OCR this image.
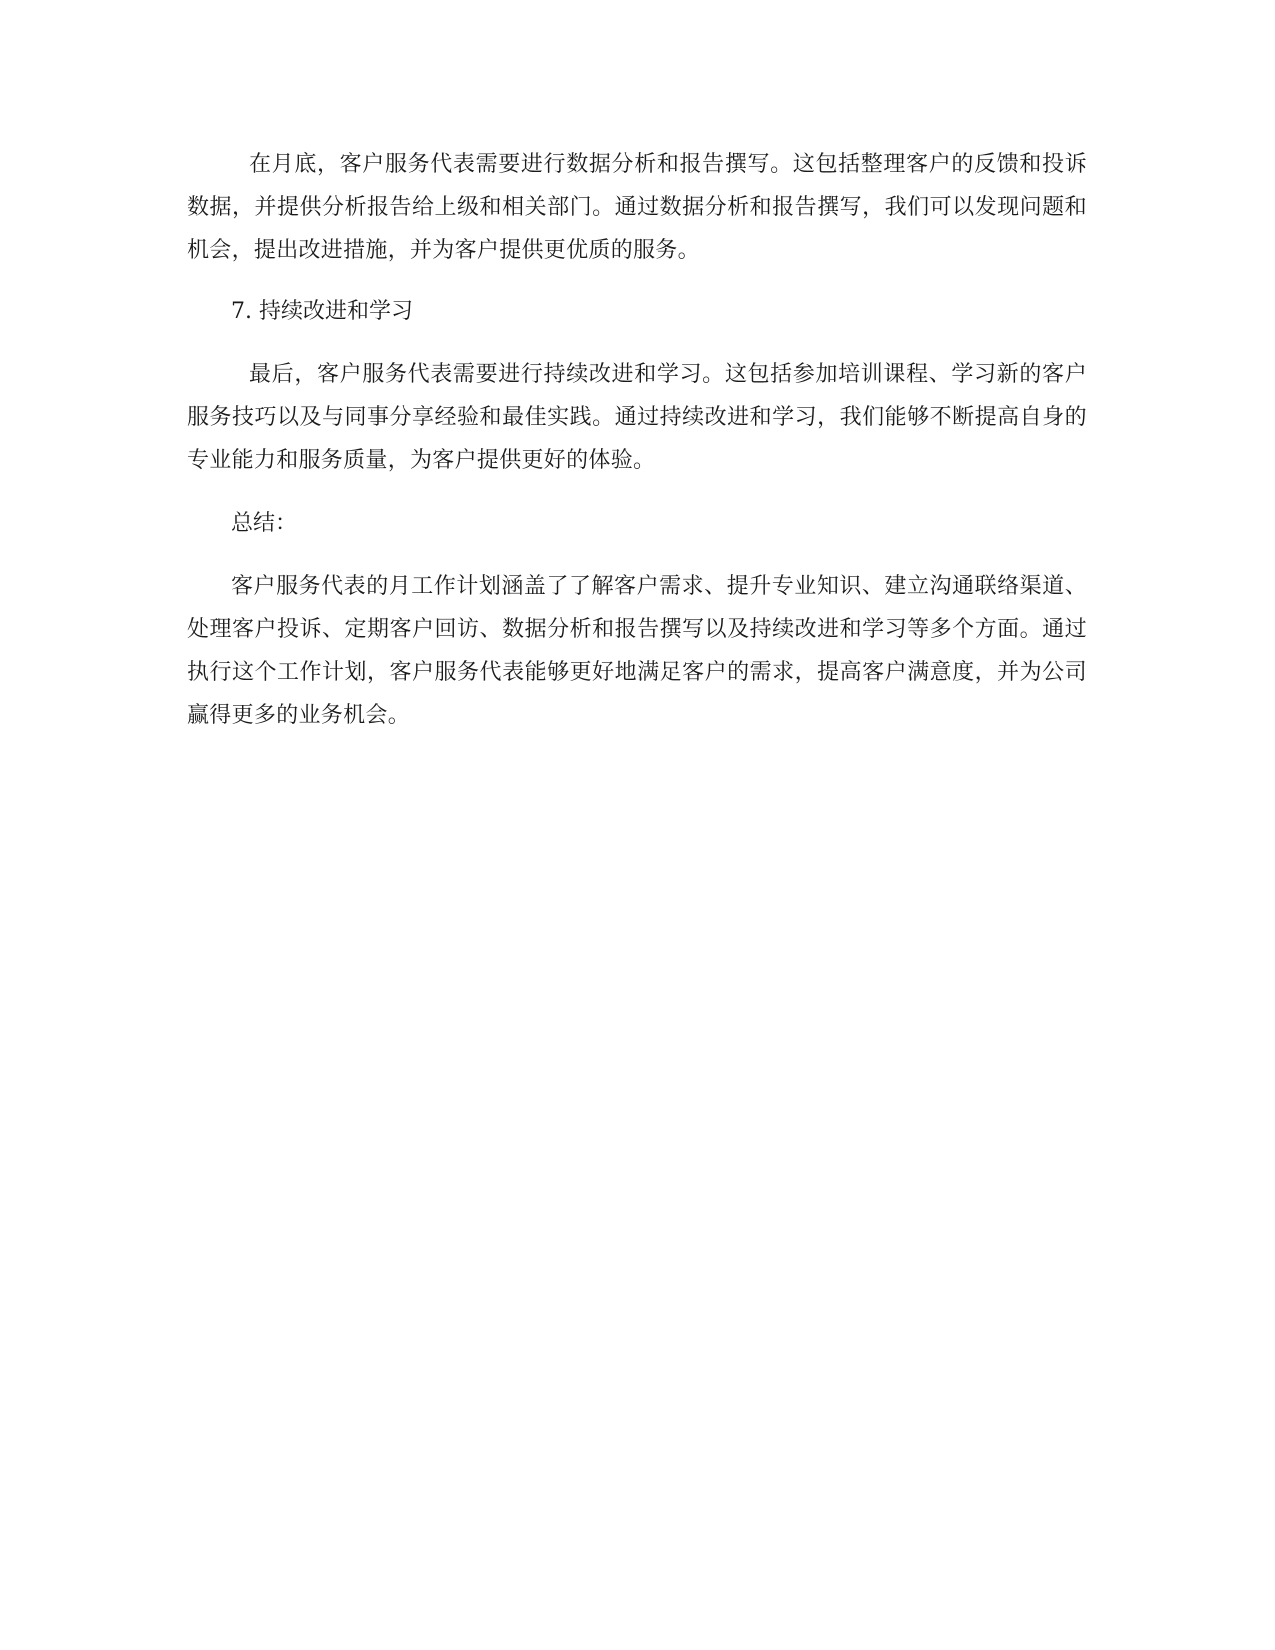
在月底，客户服务代表需要进行数据分析和报告撰写。这包括整理客户的反馈和投诉数据，并提供分析报告给上级和相关部门。通过数据分析和报告撰写，我们可以发现问题和机会，提出改进措施，并为客户提供更优质的服务。

7. 持续改进和学习

最后，客户服务代表需要进行持续改进和学习。这包括参加培训课程、学习新的客户服务技巧以及与同事分享经验和最佳实践。通过持续改进和学习，我们能够不断提高自身的专业能力和服务质量，为客户提供更好的体验。

总结：

客户服务代表的月工作计划涵盖了了解客户需求、提升专业知识、建立沟通联络渠道、处理客户投诉、定期客户回访、数据分析和报告撰写以及持续改进和学习等多个方面。通过执行这个工作计划，客户服务代表能够更好地满足客户的需求，提高客户满意度，并为公司赢得更多的业务机会。
